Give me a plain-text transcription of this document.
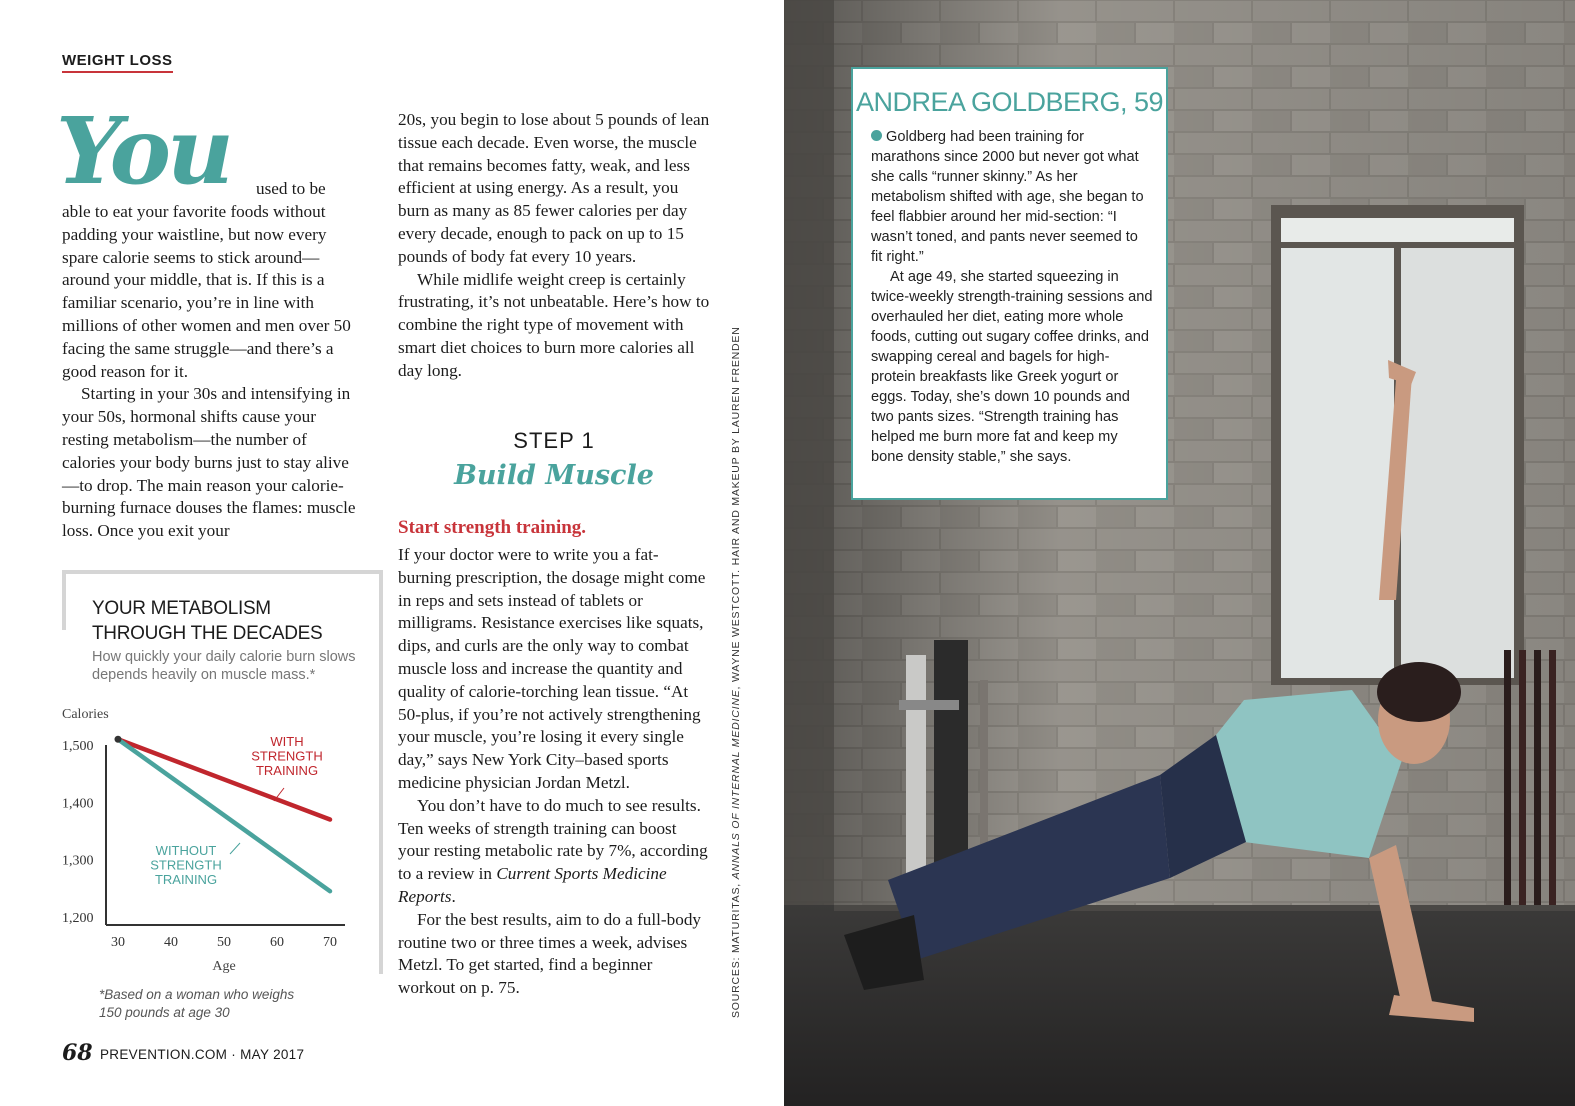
WEIGHT LOSS
You used to be

able to eat your favorite foods without padding your waistline, but now every spare calorie seems to stick around—around your middle, that is. If this is a familiar scenario, you’re in line with millions of other women and men over 50 facing the same struggle—and there’s a good reason for it.

Starting in your 30s and intensifying in your 50s, hormonal shifts cause your resting metabolism—the number of calories your body burns just to stay alive—to drop. The main reason your calorie-burning furnace douses the flames: muscle loss. Once you exit your

20s, you begin to lose about 5 pounds of lean tissue each decade. Even worse, the muscle that remains becomes fatty, weak, and less efficient at using energy. As a result, you burn as many as 85 fewer calories per day every decade, enough to pack on up to 15 pounds of body fat every 10 years.

While midlife weight creep is certainly frustrating, it’s not unbeatable. Here’s how to combine the right type of movement with smart diet choices to burn more calories all day long.

STEP 1
Build Muscle
Start strength training.

If your doctor were to write you a fat-burning prescription, the dosage might come in reps and sets instead of tablets or milligrams. Resistance exercises like squats, dips, and curls are the only way to combat muscle loss and increase the quantity and quality of calorie-torching lean tissue. “At 50-plus, if you’re not actively strengthening your muscle, you’re losing it every single day,” says New York City–based sports medicine physician Jordan Metzl.

You don’t have to do much to see results. Ten weeks of strength training can boost your resting metabolic rate by 7%, according to a review in Current Sports Medicine Reports.

For the best results, aim to do a full-body routine two or three times a week, advises Metzl. To get started, find a beginner workout on p. 75.

YOUR METABOLISM
THROUGH THE DECADES
How quickly your daily calorie burn slows depends heavily on muscle mass.*
Calories
1,500
1,400
1,300
1,200
30	40	50	60	70
Age
WITH
STRENGTH
TRAINING
WITHOUT
STRENGTH
TRAINING
*Based on a woman who weighs
150 pounds at age 30
68 PREVENTION.COM · MAY 2017
SOURCES: MATURITAS, ANNALS OF INTERNAL MEDICINE, WAYNE WESTCOTT. HAIR AND MAKEUP BY LAUREN FRENDEN
ANDREA GOLDBERG, 59

Goldberg had been training for marathons since 2000 but never got what she calls “runner skinny.” As her metabolism shifted with age, she began to feel flabbier around her mid-section: “I wasn’t toned, and pants never seemed to fit right.”

At age 49, she started squeezing in twice-weekly strength-training sessions and overhauled her diet, eating more whole foods, cutting out sugary coffee drinks, and swapping cereal and bagels for high-protein breakfasts like Greek yogurt or eggs. Today, she’s down 10 pounds and two pants sizes. “Strength training has helped me burn more fat and keep my bone density stable,” she says.
